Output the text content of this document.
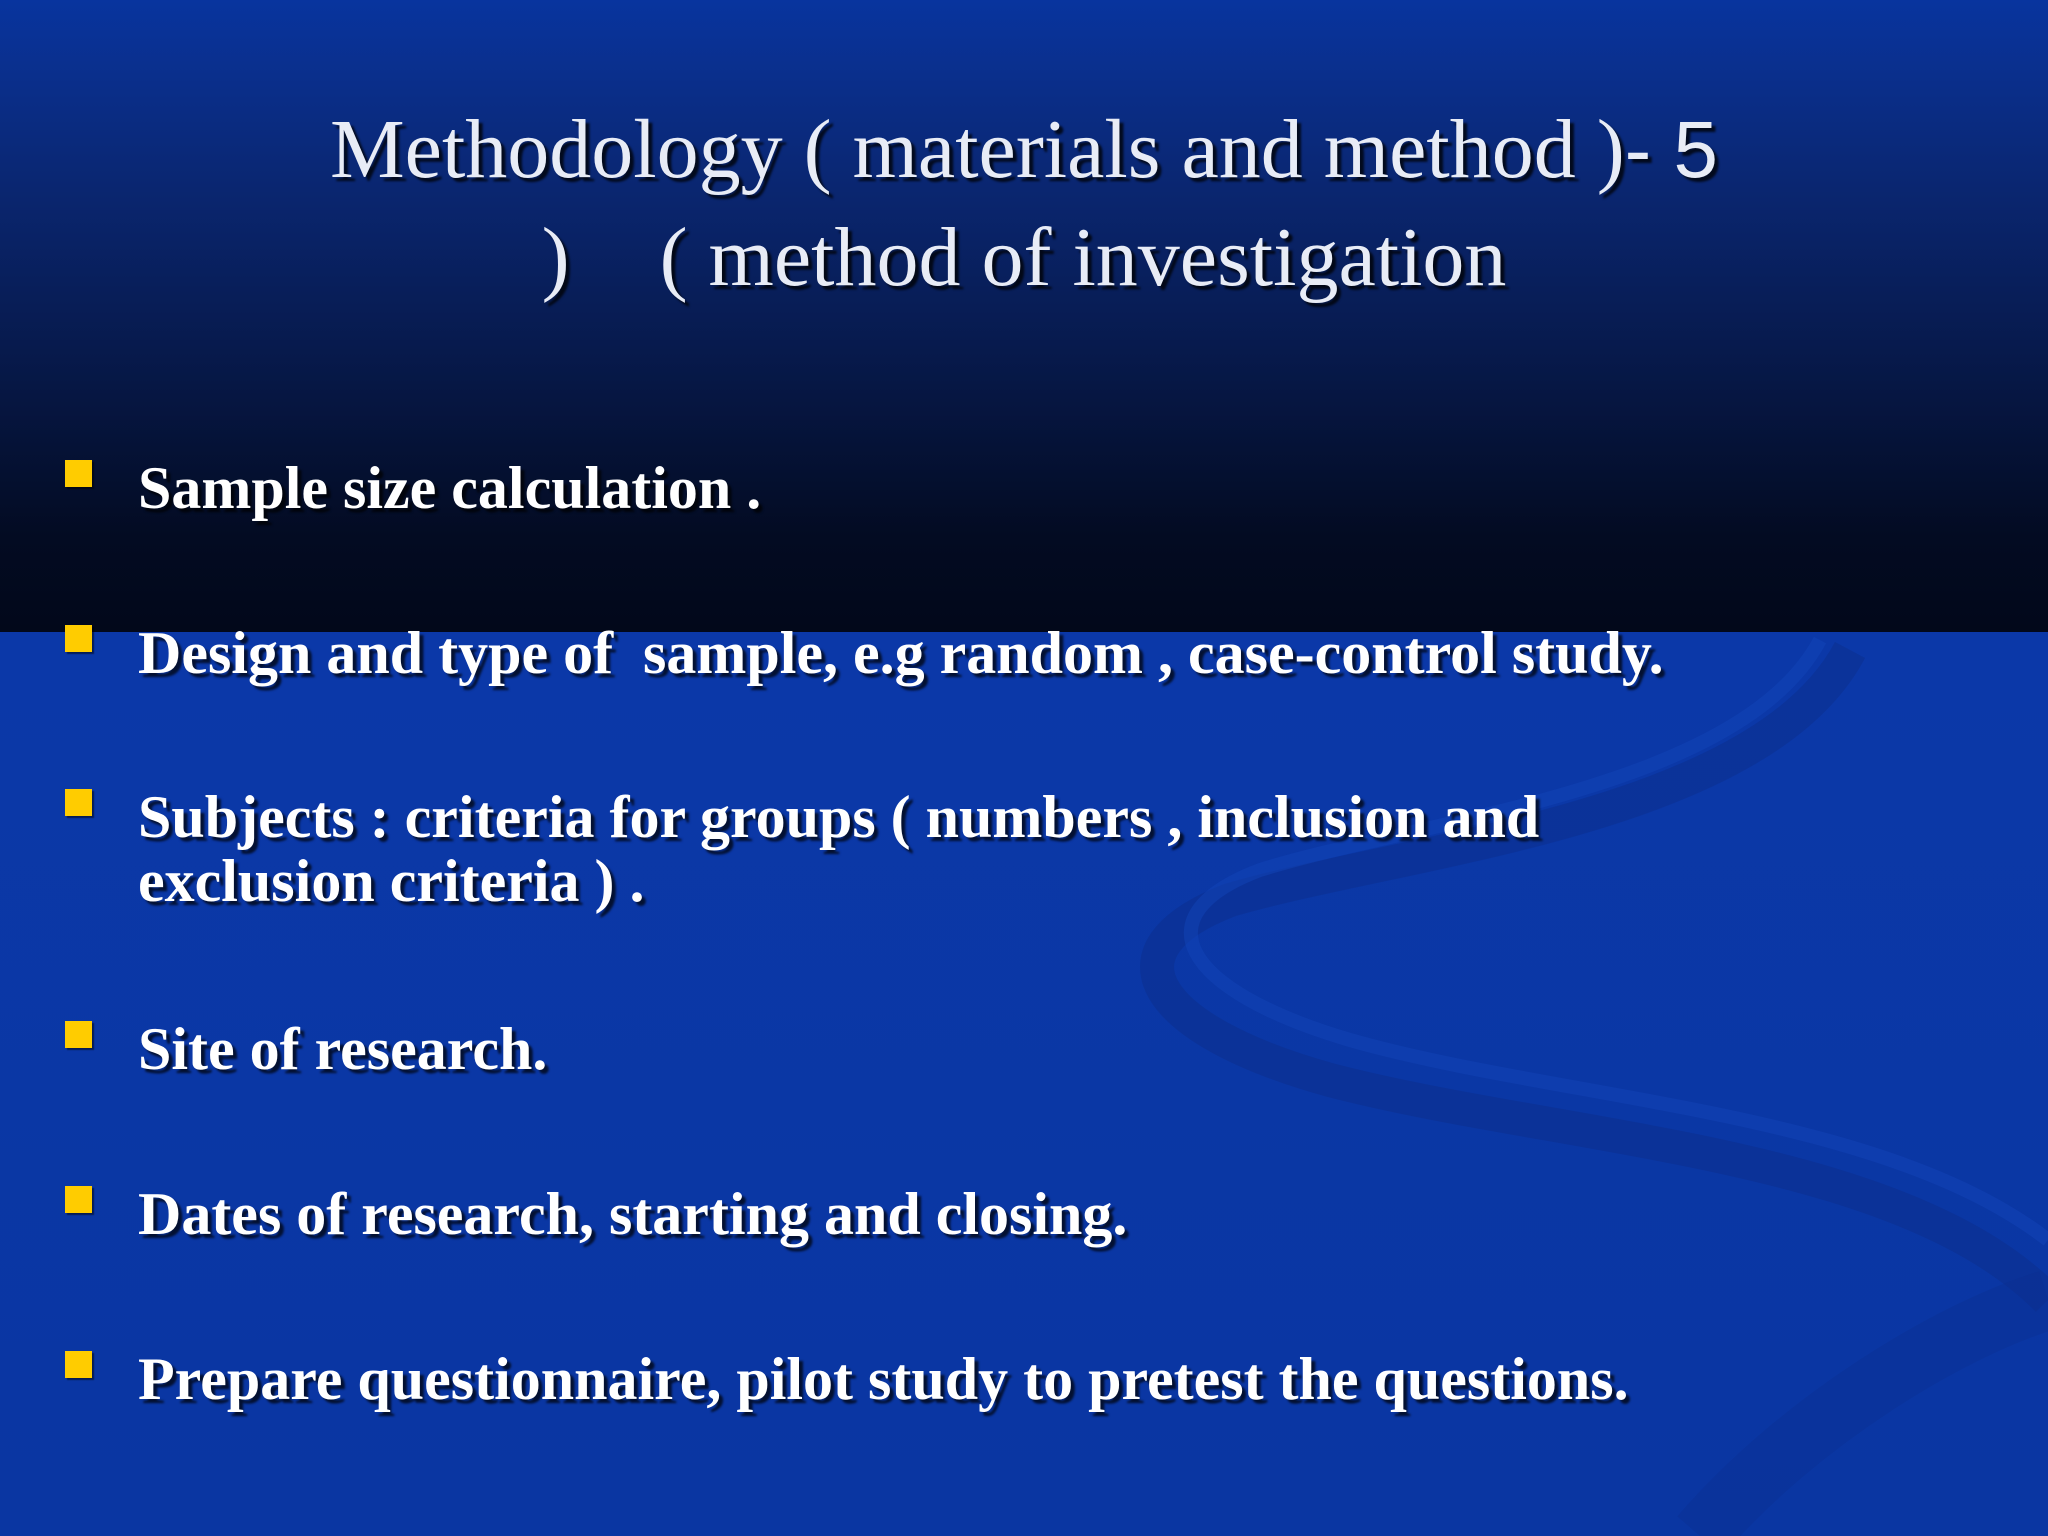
Methodology ( materials and method )- 5
) ( method of investigation
Sample size calculation .
Design and type of  sample, e.g random , case-control study.
Subjects : criteria for groups ( numbers , inclusion and exclusion criteria ) .
Site of research.
Dates of research, starting and closing.
Prepare questionnaire, pilot study to pretest the questions.
